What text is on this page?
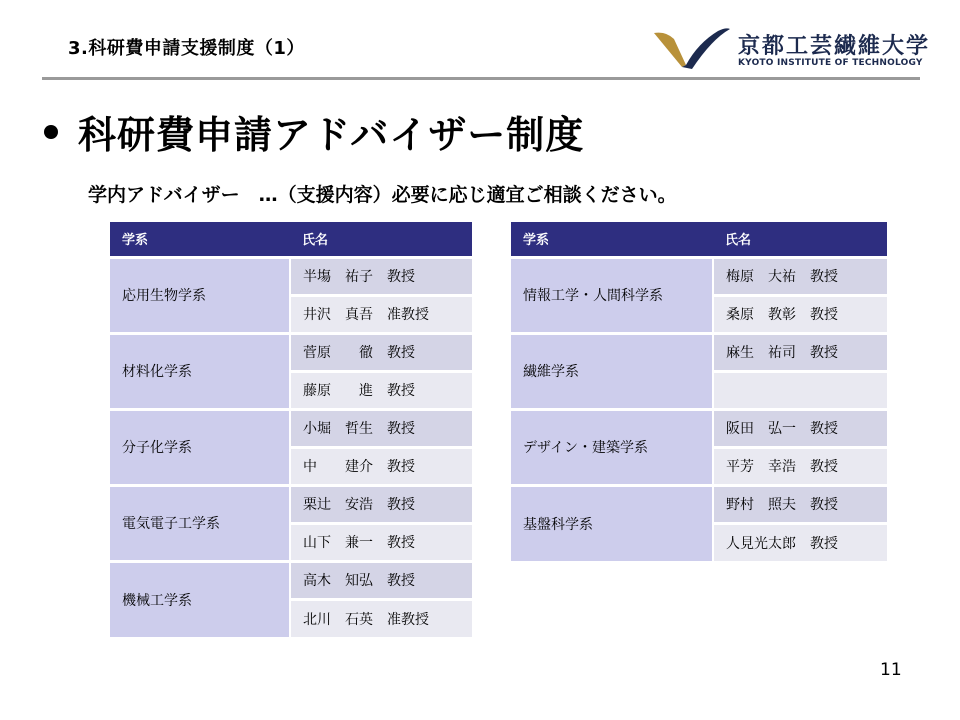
3.科研費申請支援制度（1）	京都工芸繊維大学
KYOTO INSTITUTE OF TECHNOLOGY
科研費申請アドバイザー制度
学内アドバイザー　…（支援内容）必要に応じ適宜ご相談ください。
学系	氏名
応用生物学系	半塲　祐子　教授
	井沢　真吾　准教授
材料化学系	菅原　　徹　教授
	藤原　　進　教授
分子化学系	小堀　哲生　教授
	中　　建介　教授
電気電子工学系	栗辻　安浩　教授
	山下　兼一　教授
機械工学系	高木　知弘　教授
	北川　石英　准教授
学系	氏名
情報工学・人間科学系	梅原　大祐　教授
	桑原　教彰　教授
繊維学系	麻生　祐司　教授

デザイン・建築学系	阪田　弘一　教授
	平芳　幸浩　教授
基盤科学系	野村　照夫　教授
	人見光太郎　教授
11
